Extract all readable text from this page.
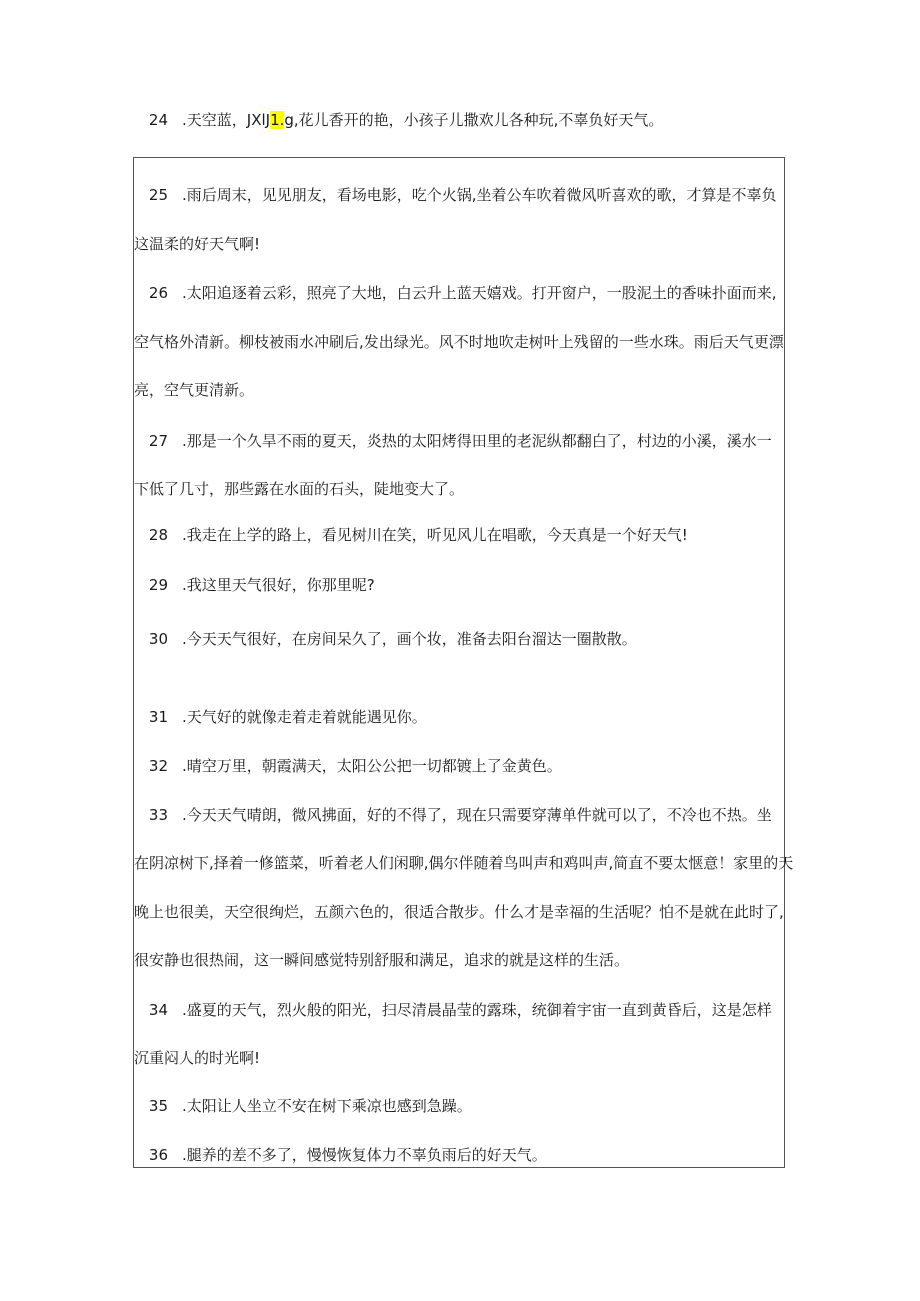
24 .天空蓝，JXlJ1.g,花儿香开的艳，小孩子儿撒欢儿各种玩,不辜负好天气。
25 .雨后周末，见见朋友，看场电影，吃个火锅,坐着公车吹着微风听喜欢的歌，才算是不辜负
这温柔的好天气啊!
26 .太阳追逐着云彩，照亮了大地，白云升上蓝天嬉戏。打开窗户，一股泥土的香味扑面而来,
空气格外清新。柳枝被雨水冲刷后,发出绿光。风不时地吹走树叶上残留的一些水珠。雨后天气更漂
亮，空气更清新。
27 .那是一个久旱不雨的夏天，炎热的太阳烤得田里的老泥纵都翻白了，村边的小溪，溪水一
下低了几寸，那些露在水面的石头，陡地变大了。
28 .我走在上学的路上，看见树川在笑，听见风儿在唱歌，今天真是一个好天气!
29 .我这里天气很好，你那里呢?
30 .今天天气很好，在房间呆久了，画个妆，准备去阳台溜达一圈散散。
31 .天气好的就像走着走着就能遇见你。
32 .晴空万里，朝霞满天，太阳公公把一切都镀上了金黄色。
33 .今天天气晴朗，微风拂面，好的不得了，现在只需要穿薄单件就可以了，不冷也不热。坐
在阴凉树下,择着一修篮菜，听着老人们闲聊,偶尔伴随着鸟叫声和鸡叫声,简直不要太惬意！家里的天
晚上也很美，天空很绚烂，五颜六色的，很适合散步。什么才是幸福的生活呢？怕不是就在此时了,
很安静也很热闹，这一瞬间感觉特别舒服和满足，追求的就是这样的生活。
34 .盛夏的天气，烈火般的阳光，扫尽清晨晶莹的露珠，统御着宇宙一直到黄昏后，这是怎样
沉重闷人的时光啊!
35 .太阳让人坐立不安在树下乘凉也感到急躁。
36 .腿养的差不多了，慢慢恢复体力不辜负雨后的好天气。
